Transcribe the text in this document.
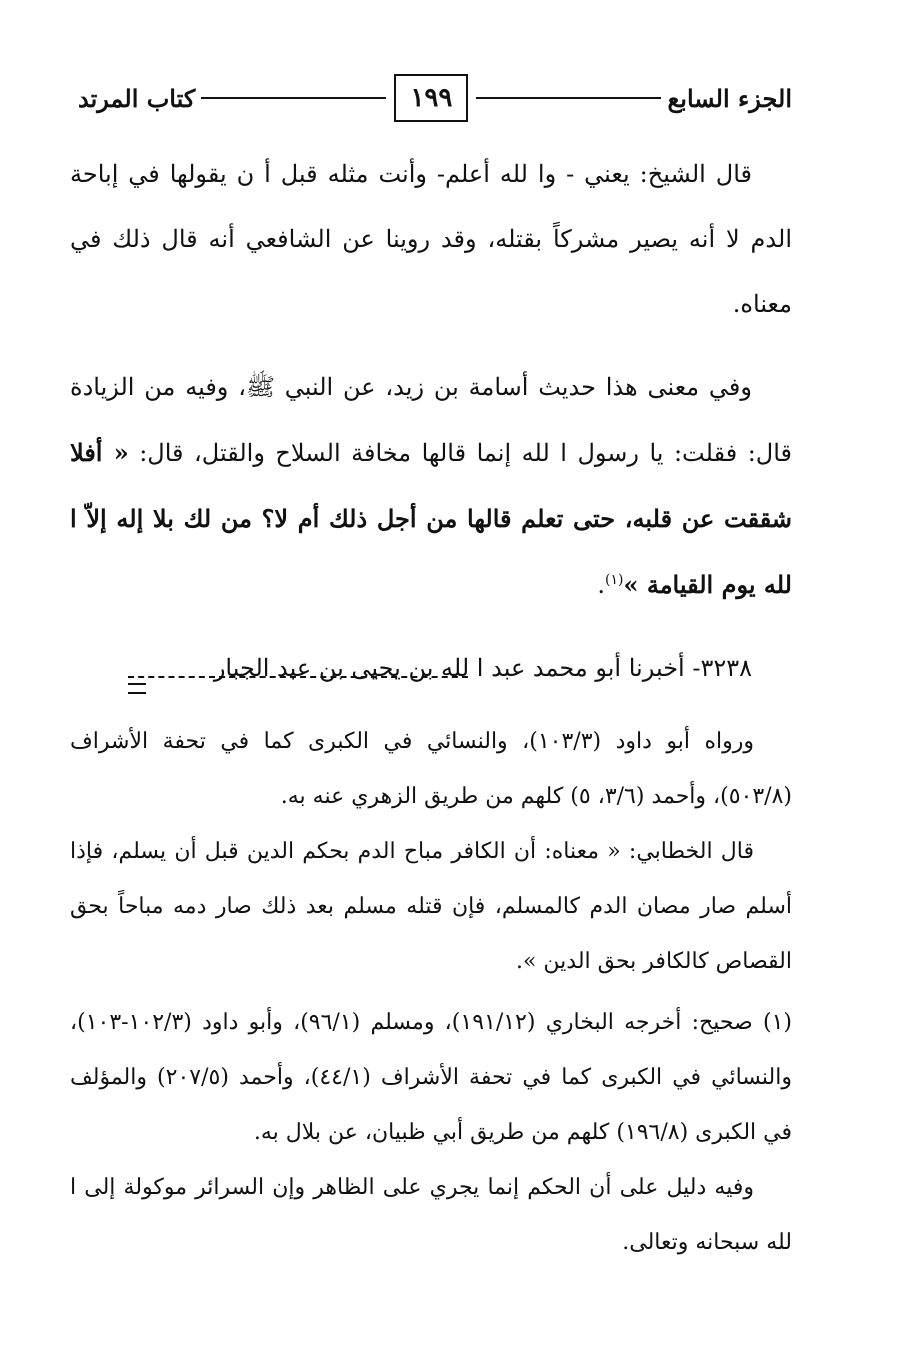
الجزء السابع
١٩٩
كتاب المرتد

قال الشيخ: يعني - وا لله أعلم- وأنت مثله قبل أ ن يقولها في إباحة الدم لا أنه يصير مشركاً بقتله، وقد روينا عن الشافعي أنه قال ذلك في معناه.

وفي معنى هذا حديث أسامة بن زيد، عن النبي ﷺ، وفيه من الزيادة قال: فقلت: يا رسول ا لله إنما قالها مخافة السلاح والقتل، قال: « أفلا شققت عن قلبه، حتى تعلم قالها من أجل ذلك أم لا؟ من لك بلا إله إلاّ ا لله يوم القيامة »$^{(١)}$.

٣٢٣٨- أخبرنا أبو محمد عبد ا لله بن يحيى بن عبد الجبار

ورواه أبو داود (١٠٣/٣)، والنسائي في الكبرى كما في تحفة الأشراف (٥٠٣/٨)، وأحمد (٣/٦، ٥) كلهم من طريق الزهري عنه به.

قال الخطابي: « معناه: أن الكافر مباح الدم بحكم الدين قبل أن يسلم، فإذا أسلم صار مصان الدم كالمسلم، فإن قتله مسلم بعد ذلك صار دمه مباحاً بحق القصاص كالكافر بحق الدين ».

(١) صحيح: أخرجه البخاري (١٩١/١٢)، ومسلم (٩٦/١)، وأبو داود (١٠٢/٣-١٠٣)، والنسائي في الكبرى كما في تحفة الأشراف (٤٤/١)، وأحمد (٢٠٧/٥) والمؤلف في الكبرى (١٩٦/٨) كلهم من طريق أبي ظبيان، عن بلال به.

وفيه دليل على أن الحكم إنما يجري على الظاهر وإن السرائر موكولة إلى ا لله سبحانه وتعالى.
